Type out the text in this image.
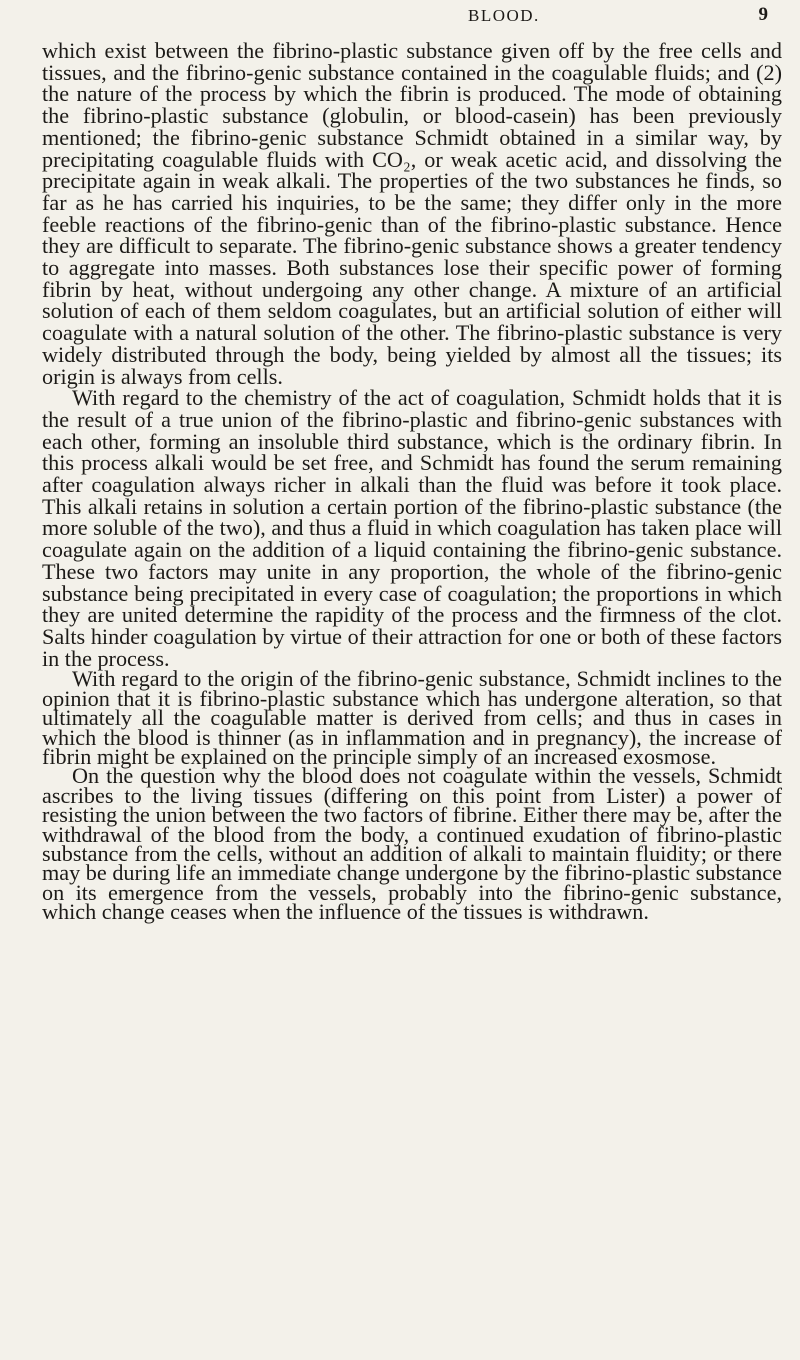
BLOOD.	9

which exist between the fibrino-plastic substance given off by the free cells and tissues, and the fibrino-genic substance contained in the coagulable fluids; and (2) the nature of the process by which the fibrin is produced. The mode of obtaining the fibrino-plastic substance (globulin, or blood-casein) has been previously mentioned; the fibrino-genic substance Schmidt obtained in a similar way, by precipitating coagulable fluids with CO₂, or weak acetic acid, and dissolving the precipitate again in weak alkali. The properties of the two substances he finds, so far as he has carried his inquiries, to be the same; they differ only in the more feeble reactions of the fibrino-genic than of the fibrino-plastic substance. Hence they are difficult to separate. The fibrino-genic substance shows a greater tendency to aggregate into masses. Both substances lose their specific power of forming fibrin by heat, without undergoing any other change. A mixture of an artificial solution of each of them seldom coagulates, but an artificial solution of either will coagulate with a natural solution of the other. The fibrino-plastic substance is very widely distributed through the body, being yielded by almost all the tissues; its origin is always from cells.

With regard to the chemistry of the act of coagulation, Schmidt holds that it is the result of a true union of the fibrino-plastic and fibrino-genic substances with each other, forming an insoluble third substance, which is the ordinary fibrin. In this process alkali would be set free, and Schmidt has found the serum remaining after coagulation always richer in alkali than the fluid was before it took place. This alkali retains in solution a certain portion of the fibrino-plastic substance (the more soluble of the two), and thus a fluid in which coagulation has taken place will coagulate again on the addition of a liquid containing the fibrino-genic substance. These two factors may unite in any proportion, the whole of the fibrino-genic substance being precipitated in every case of coagulation; the proportions in which they are united determine the rapidity of the process and the firmness of the clot. Salts hinder coagulation by virtue of their attraction for one or both of these factors in the process.

With regard to the origin of the fibrino-genic substance, Schmidt inclines to the opinion that it is fibrino-plastic substance which has undergone alteration, so that ultimately all the coagulable matter is derived from cells; and thus in cases in which the blood is thinner (as in inflammation and in pregnancy), the increase of fibrin might be explained on the principle simply of an increased exosmose.

On the question why the blood does not coagulate within the vessels, Schmidt ascribes to the living tissues (differing on this point from Lister) a power of resisting the union between the two factors of fibrine. Either there may be, after the withdrawal of the blood from the body, a continued exudation of fibrino-plastic substance from the cells, without an addition of alkali to maintain fluidity; or there may be during life an immediate change undergone by the fibrino-plastic substance on its emergence from the vessels, probably into the fibrino-genic substance, which change ceases when the influence of the tissues is withdrawn.
